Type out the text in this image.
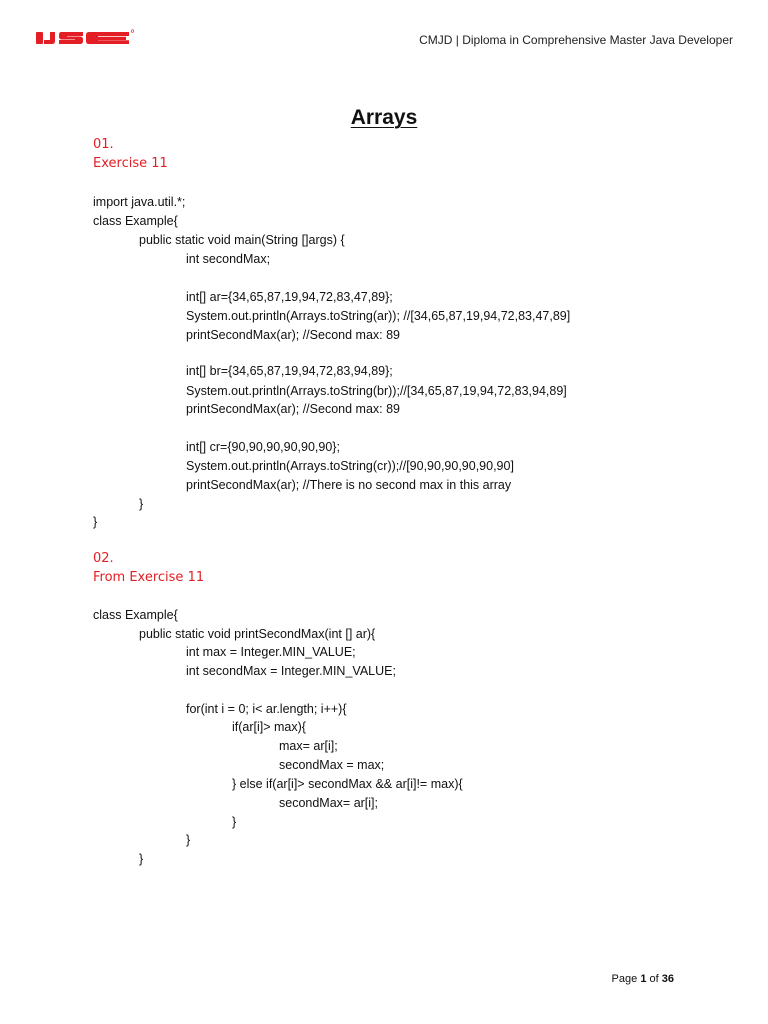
CMJD | Diploma in Comprehensive Master Java Developer
Arrays
01.
Exercise 11
import java.util.*;
class Example{
public static void main(String []args) {
int secondMax;
int[] ar={34,65,87,19,94,72,83,47,89};
System.out.println(Arrays.toString(ar)); //[34,65,87,19,94,72,83,47,89]
printSecondMax(ar); //Second max: 89
int[] br={34,65,87,19,94,72,83,94,89};
System.out.println(Arrays.toString(br));//[34,65,87,19,94,72,83,94,89]
printSecondMax(ar); //Second max: 89
int[] cr={90,90,90,90,90,90};
System.out.println(Arrays.toString(cr));//[90,90,90,90,90,90]
printSecondMax(ar); //There is no second max in this array
}
}
02.
From Exercise 11
class Example{
public static void printSecondMax(int [] ar){
int max = Integer.MIN_VALUE;
int secondMax = Integer.MIN_VALUE;
for(int i = 0; i< ar.length; i++){
if(ar[i]> max){
max= ar[i];
secondMax = max;
} else if(ar[i]> secondMax && ar[i]!= max){
secondMax= ar[i];
}
}
}
Page 1 of 36
